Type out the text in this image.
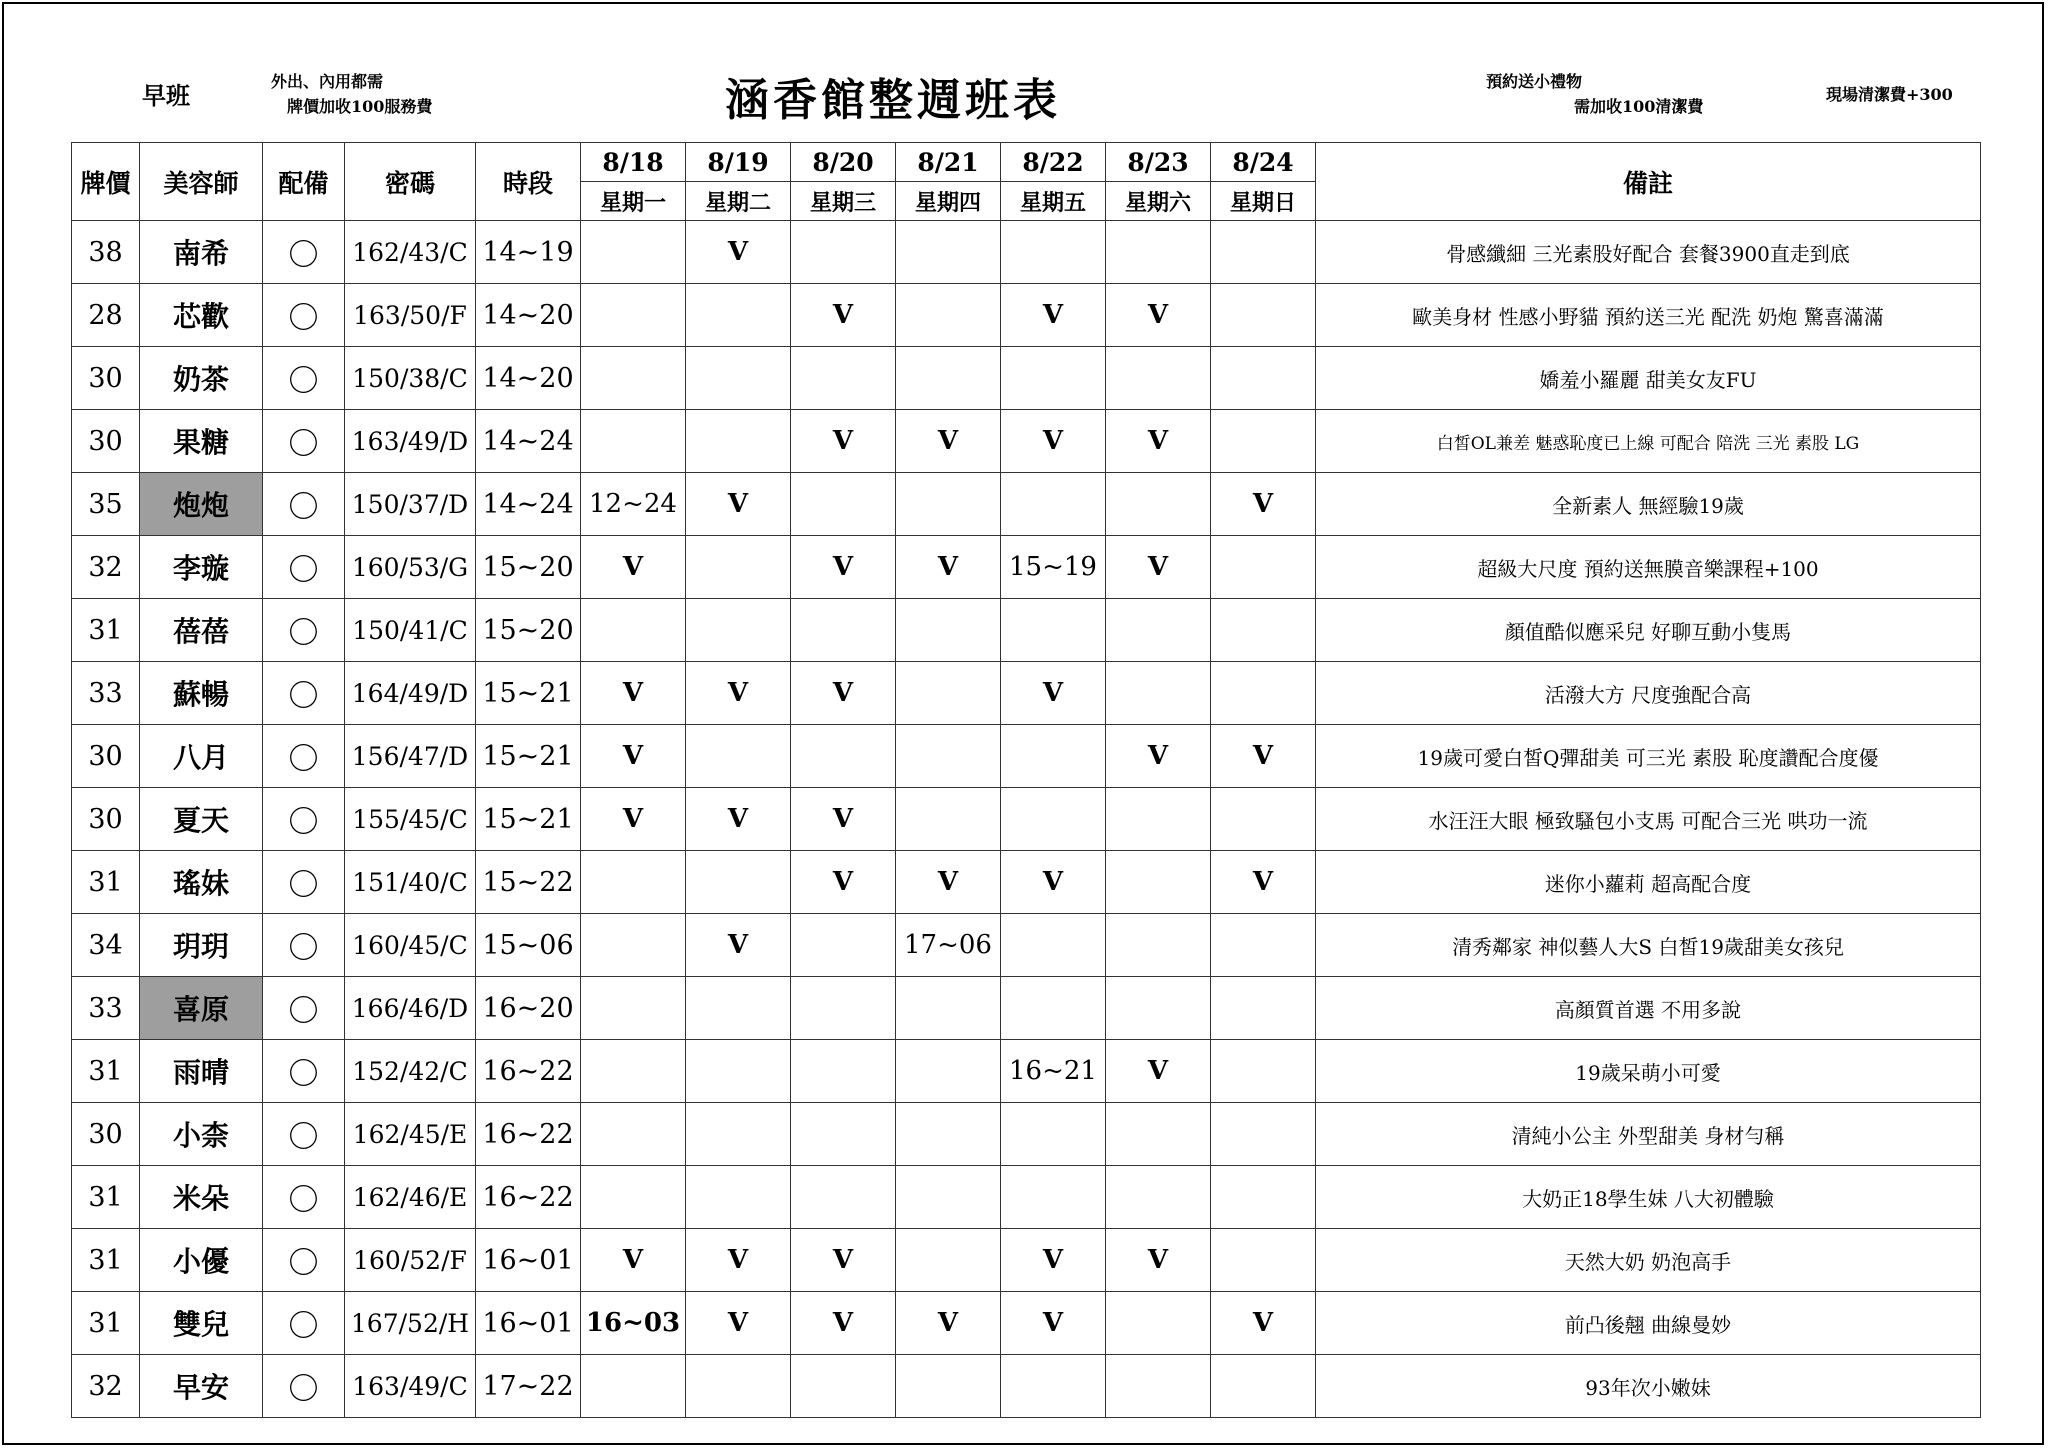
早班	外出、內用都需
牌價加收100服務費	涵香館整週班表	預約送小禮物
需加收100清潔費
現場清潔費+300
牌價	美容師	配備	密碼	時段	8/18	8/19	8/20	8/21	8/22	8/23	8/24	備註
					星期一	星期二	星期三	星期四	星期五	星期六	星期日	
38	南希	〇	162/43/C	14~19		V						骨感纖細 三光素股好配合 套餐3900直走到底
28	芯歡	〇	163/50/F	14~20			V		V	V		歐美身材 性感小野貓 預約送三光 配洗 奶炮 驚喜滿滿
30	奶茶	〇	150/38/C	14~20								嬌羞小羅麗 甜美女友FU
30	果糖	〇	163/49/D	14~24			V	V	V	V		白皙OL兼差 魅惑恥度已上線 可配合 陪洗 三光 素股 LG
35	炮炮	〇	150/37/D	14~24	12~24	V					V	全新素人 無經驗19歲
32	李璇	〇	160/53/G	15~20	V		V	V	15~19	V		超級大尺度 預約送無膜音樂課程+100
31	蓓蓓	〇	150/41/C	15~20								顏值酷似應采兒 好聊互動小隻馬
33	蘇暢	〇	164/49/D	15~21	V	V	V		V			活潑大方 尺度強配合高
30	八月	〇	156/47/D	15~21	V					V	V	19歲可愛白皙Q彈甜美 可三光 素股 恥度讚配合度優
30	夏天	〇	155/45/C	15~21	V	V	V					水汪汪大眼 極致騷包小支馬 可配合三光 哄功一流
31	瑤妹	〇	151/40/C	15~22			V	V	V		V	迷你小蘿莉 超高配合度
34	玥玥	〇	160/45/C	15~06		V		17~06				清秀鄰家 神似藝人大S 白皙19歲甜美女孩兒
33	喜原	〇	166/46/D	16~20								高顏質首選 不用多說
31	雨晴	〇	152/42/C	16~22					16~21	V		19歲呆萌小可愛
30	小柰	〇	162/45/E	16~22								清純小公主 外型甜美 身材勻稱
31	米朵	〇	162/46/E	16~22								大奶正18學生妹 八大初體驗
31	小優	〇	160/52/F	16~01	V	V	V		V	V		天然大奶 奶泡高手
31	雙兒	〇	167/52/H	16~01	16~03	V	V	V	V		V	前凸後翹 曲線曼妙
32	早安	〇	163/49/C	17~22								93年次小嫩妹
